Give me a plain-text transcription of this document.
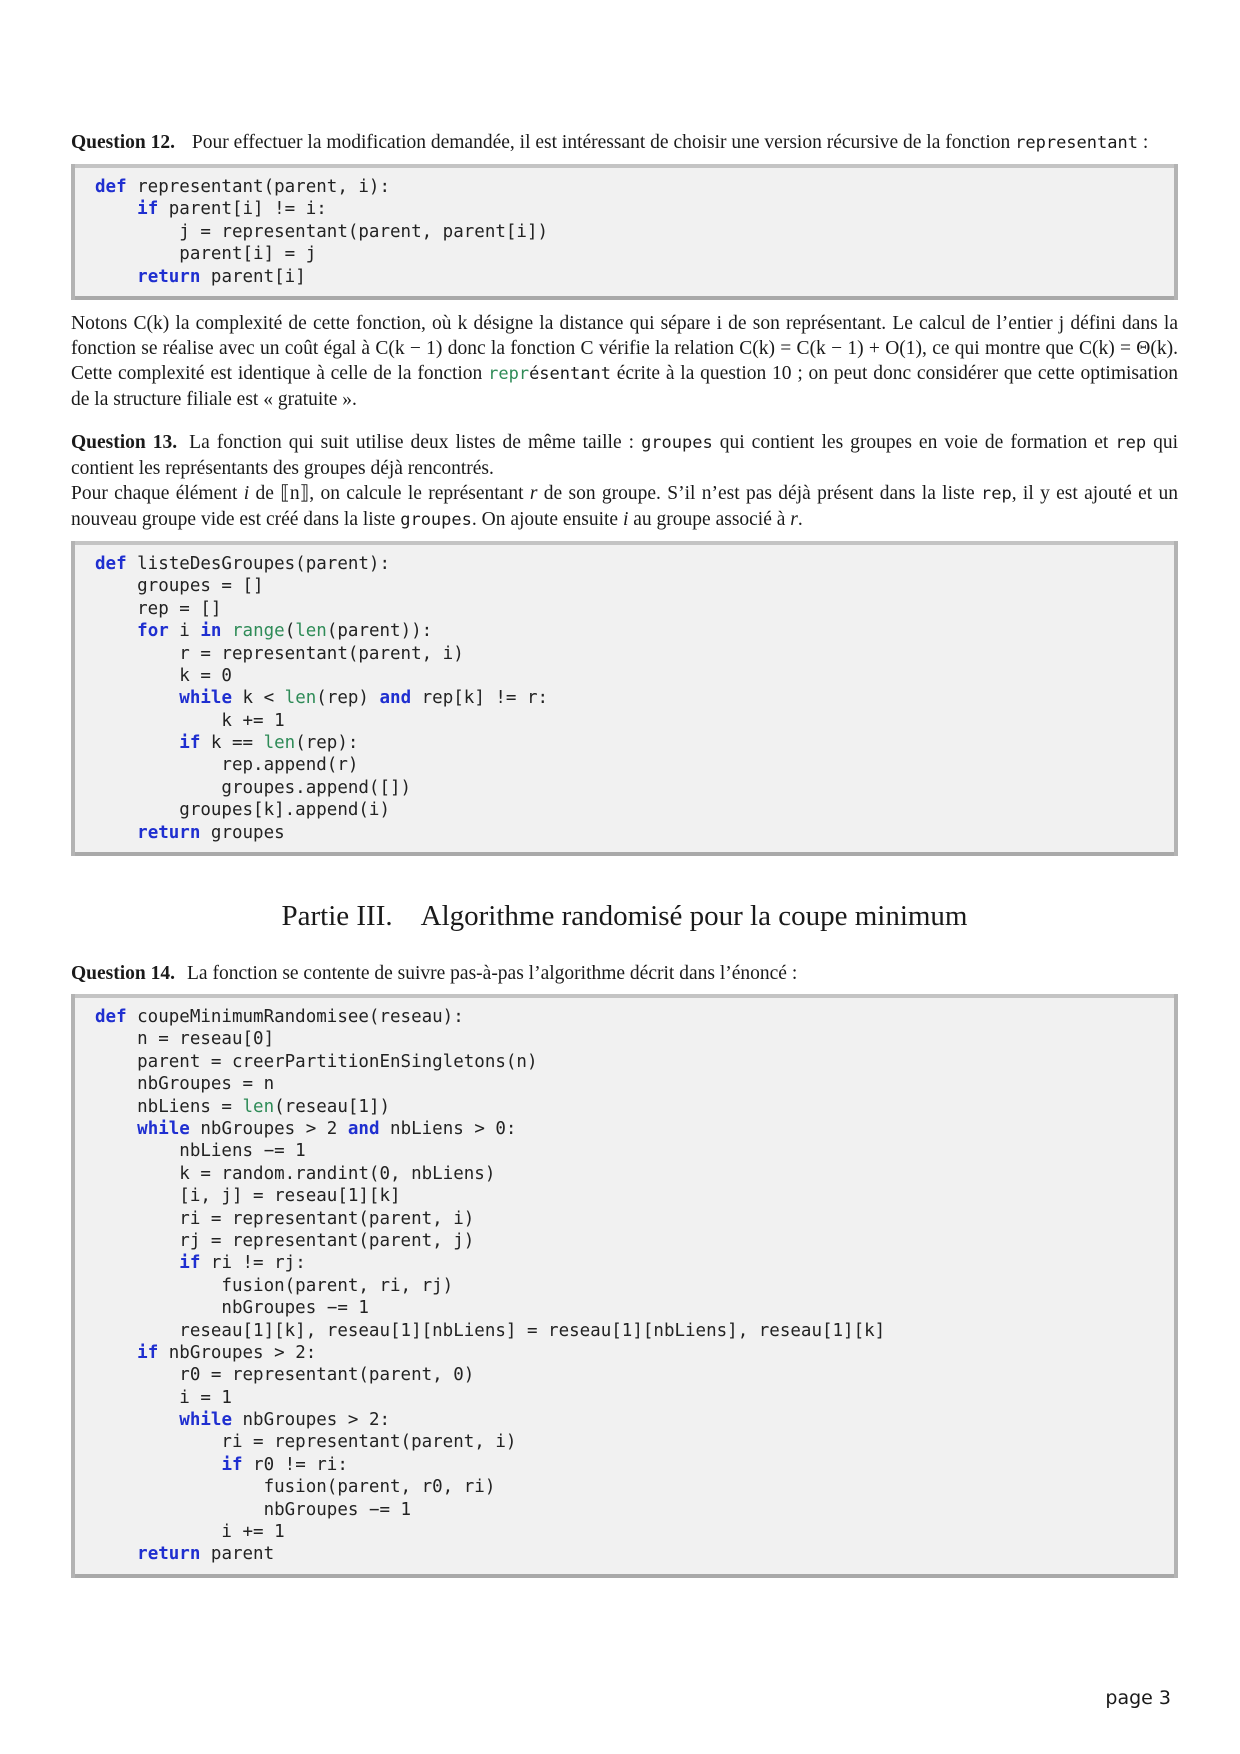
Question 12. Pour effectuer la modification demandée, il est intéressant de choisir une version récursive de la fonction representant :

def representant(parent, i):
if parent[i] != i:
j = representant(parent, parent[i])
parent[i] = j
return parent[i]

Notons C(k) la complexité de cette fonction, où k désigne la distance qui sépare i de son représentant. Le calcul de l’entier j défini dans la fonction se réalise avec un coût égal à C(k − 1) donc la fonction C vérifie la relation C(k) = C(k − 1) + O(1), ce qui montre que C(k) = Θ(k). Cette complexité est identique à celle de la fonction représentant écrite à la question 10 ; on peut donc considérer que cette optimisation de la structure filiale est « gratuite ».

Question 13. La fonction qui suit utilise deux listes de même taille : groupes qui contient les groupes en voie de formation et rep qui contient les représentants des groupes déjà rencontrés.
Pour chaque élément i de ⟦n⟧, on calcule le représentant r de son groupe. S’il n’est pas déjà présent dans la liste rep, il y est ajouté et un nouveau groupe vide est créé dans la liste groupes. On ajoute ensuite i au groupe associé à r.

def listeDesGroupes(parent):
groupes = []
rep = []
for i in range(len(parent)):
r = representant(parent, i)
k = 0
while k < len(rep) and rep[k] != r:
k += 1
if k == len(rep):
rep.append(r)
groupes.append([])
groupes[k].append(i)
return groupes
Partie III. Algorithme randomisé pour la coupe minimum

Question 14. La fonction se contente de suivre pas-à-pas l’algorithme décrit dans l’énoncé :

def coupeMinimumRandomisee(reseau):
n = reseau[0]
parent = creerPartitionEnSingletons(n)
nbGroupes = n
nbLiens = len(reseau[1])
while nbGroupes > 2 and nbLiens > 0:
nbLiens −= 1
k = random.randint(0, nbLiens)
[i, j] = reseau[1][k]
ri = representant(parent, i)
rj = representant(parent, j)
if ri != rj:
fusion(parent, ri, rj)
nbGroupes −= 1
reseau[1][k], reseau[1][nbLiens] = reseau[1][nbLiens], reseau[1][k]
if nbGroupes > 2:
r0 = representant(parent, 0)
i = 1
while nbGroupes > 2:
ri = representant(parent, i)
if r0 != ri:
fusion(parent, r0, ri)
nbGroupes −= 1
i += 1
return parent
page 3
